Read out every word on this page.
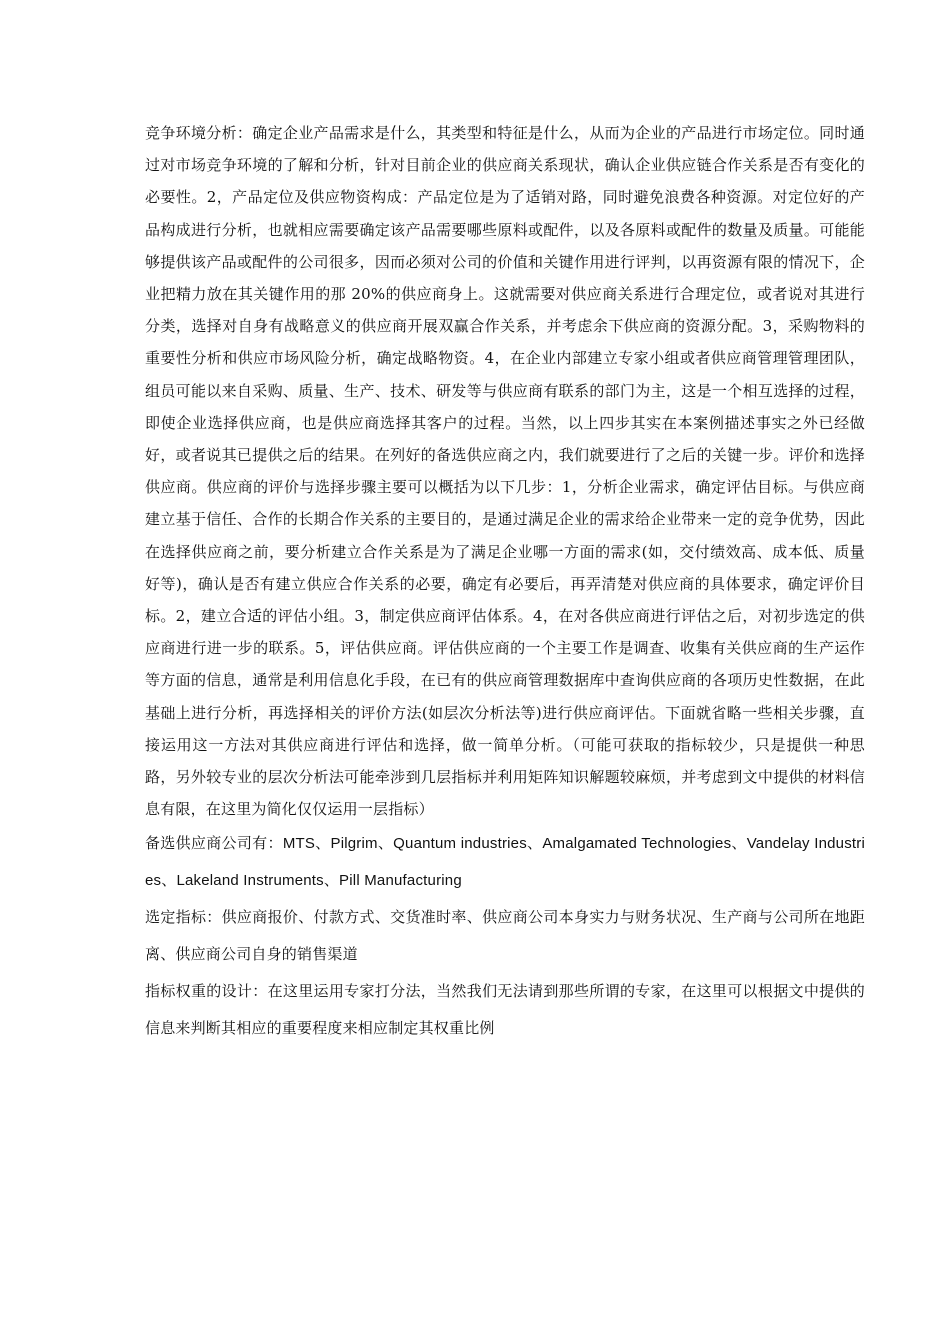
竞争环境分析：确定企业产品需求是什么，其类型和特征是什么，从而为企业的产品进行市场定位。同时通过对市场竞争环境的了解和分析，针对目前企业的供应商关系现状，确认企业供应链合作关系是否有变化的必要性。2，产品定位及供应物资构成：产品定位是为了适销对路，同时避免浪费各种资源。对定位好的产品构成进行分析，也就相应需要确定该产品需要哪些原料或配件，以及各原料或配件的数量及质量。可能能够提供该产品或配件的公司很多，因而必须对公司的价值和关键作用进行评判，以再资源有限的情况下，企业把精力放在其关键作用的那 20%的供应商身上。这就需要对供应商关系进行合理定位，或者说对其进行分类，选择对自身有战略意义的供应商开展双赢合作关系，并考虑余下供应商的资源分配。3，采购物料的重要性分析和供应市场风险分析，确定战略物资。4，在企业内部建立专家小组或者供应商管理管理团队，组员可能以来自采购、质量、生产、技术、研发等与供应商有联系的部门为主，这是一个相互选择的过程，即使企业选择供应商，也是供应商选择其客户的过程。当然，以上四步其实在本案例描述事实之外已经做好，或者说其已提供之后的结果。在列好的备选供应商之内，我们就要进行了之后的关键一步。评价和选择供应商。供应商的评价与选择步骤主要可以概括为以下几步：1，分析企业需求，确定评估目标。与供应商建立基于信任、合作的长期合作关系的主要目的，是通过满足企业的需求给企业带来一定的竞争优势，因此在选择供应商之前，要分析建立合作关系是为了满足企业哪一方面的需求(如，交付绩效高、成本低、质量好等)，确认是否有建立供应合作关系的必要，确定有必要后，再弄清楚对供应商的具体要求，确定评价目标。2，建立合适的评估小组。3，制定供应商评估体系。4，在对各供应商进行评估之后，对初步选定的供应商进行进一步的联系。5，评估供应商。评估供应商的一个主要工作是调查、收集有关供应商的生产运作等方面的信息，通常是利用信息化手段，在已有的供应商管理数据库中查询供应商的各项历史性数据，在此基础上进行分析，再选择相关的评价方法(如层次分析法等)进行供应商评估。下面就省略一些相关步骤，直接运用这一方法对其供应商进行评估和选择，做一简单分析。（可能可获取的指标较少，只是提供一种思路，另外较专业的层次分析法可能牵涉到几层指标并利用矩阵知识解题较麻烦，并考虑到文中提供的材料信息有限，在这里为简化仅仅运用一层指标）

备选供应商公司有：MTS、Pilgrim、Quantum industries、Amalgamated Technologies、Vandelay Industries、Lakeland Instruments、Pill Manufacturing

选定指标：供应商报价、付款方式、交货准时率、供应商公司本身实力与财务状况、生产商与公司所在地距离、供应商公司自身的销售渠道

指标权重的设计：在这里运用专家打分法，当然我们无法请到那些所谓的专家，在这里可以根据文中提供的信息来判断其相应的重要程度来相应制定其权重比例
